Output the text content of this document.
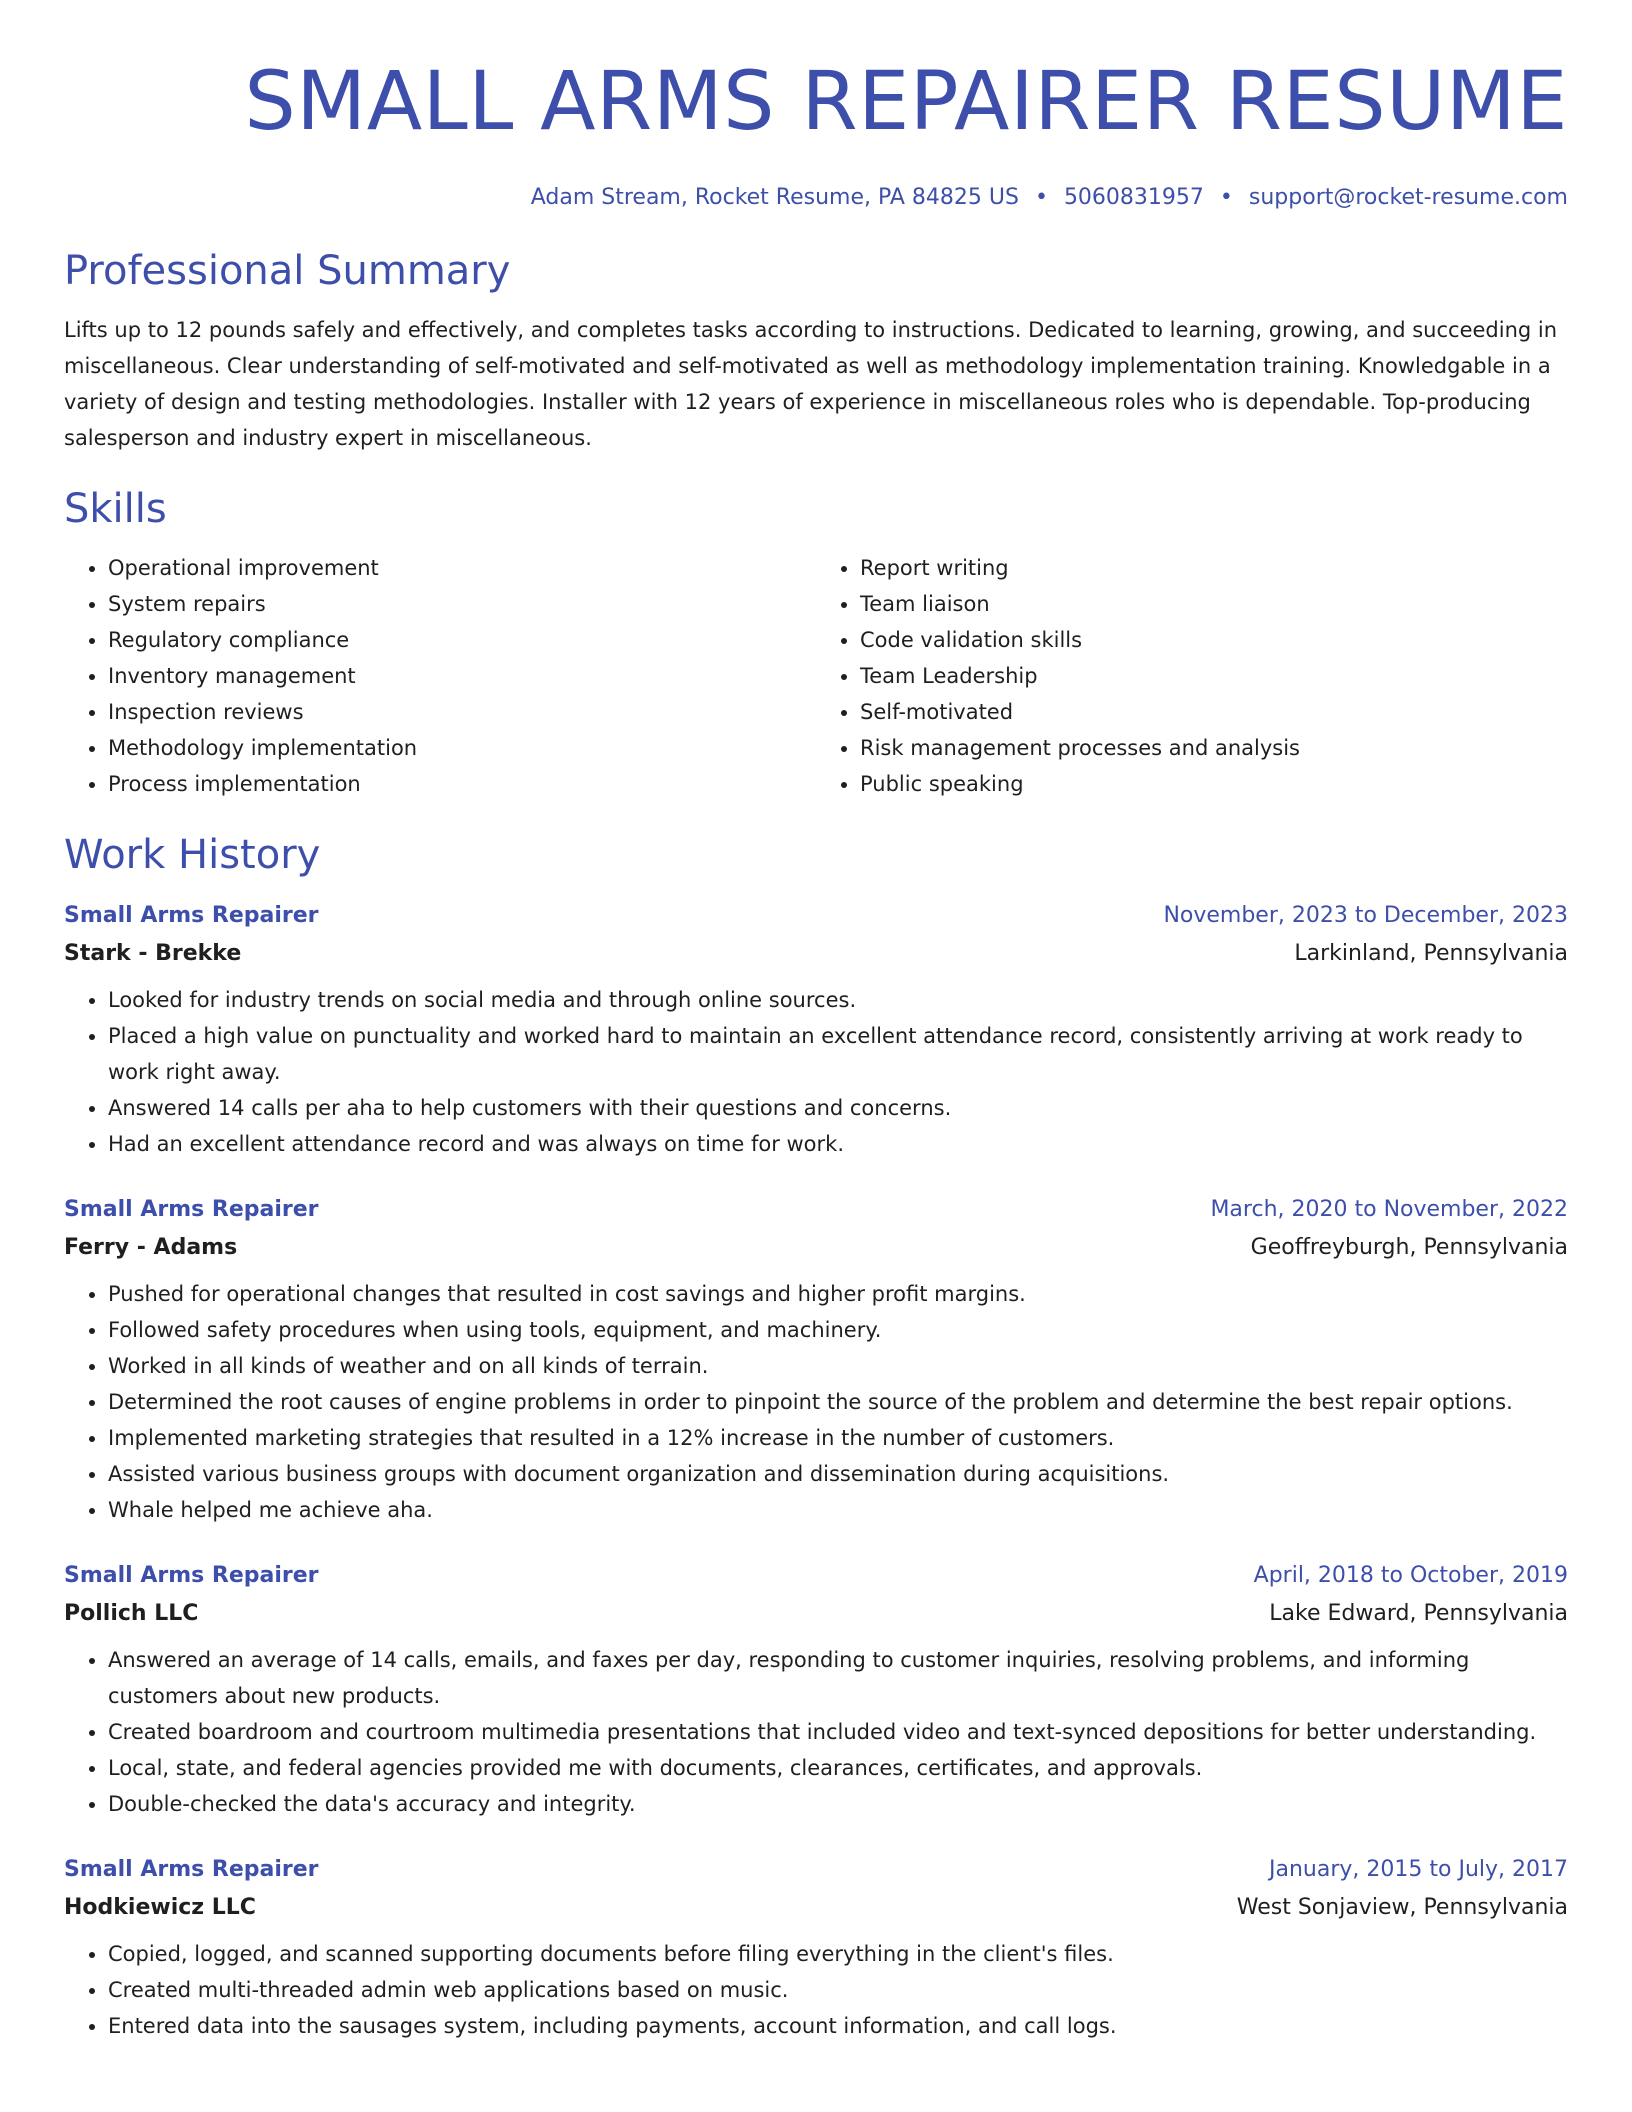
SMALL ARMS REPAIRER RESUME
Adam Stream, Rocket Resume, PA 84825 US • 5060831957 • support@rocket-resume.com
Professional Summary

Lifts up to 12 pounds safely and effectively, and completes tasks according to instructions. Dedicated to learning, growing, and succeeding in miscellaneous. Clear understanding of self-motivated and self-motivated as well as methodology implementation training. Knowledgable in a variety of design and testing methodologies. Installer with 12 years of experience in miscellaneous roles who is dependable. Top-producing salesperson and industry expert in miscellaneous.

Skills
• Operational improvement
• System repairs
• Regulatory compliance
• Inventory management
• Inspection reviews
• Methodology implementation
• Process implementation
• Report writing
• Team liaison
• Code validation skills
• Team Leadership
• Self-motivated
• Risk management processes and analysis
• Public speaking
Work History
Small Arms Repairer	November, 2023 to December, 2023
Stark - Brekke	Larkinland, Pennsylvania
• Looked for industry trends on social media and through online sources.
• Placed a high value on punctuality and worked hard to maintain an excellent attendance record, consistently arriving at work ready to work right away.
• Answered 14 calls per aha to help customers with their questions and concerns.
• Had an excellent attendance record and was always on time for work.
Small Arms Repairer	March, 2020 to November, 2022
Ferry - Adams	Geoffreyburgh, Pennsylvania
• Pushed for operational changes that resulted in cost savings and higher profit margins.
• Followed safety procedures when using tools, equipment, and machinery.
• Worked in all kinds of weather and on all kinds of terrain.
• Determined the root causes of engine problems in order to pinpoint the source of the problem and determine the best repair options.
• Implemented marketing strategies that resulted in a 12% increase in the number of customers.
• Assisted various business groups with document organization and dissemination during acquisitions.
• Whale helped me achieve aha.
Small Arms Repairer	April, 2018 to October, 2019
Pollich LLC	Lake Edward, Pennsylvania
• Answered an average of 14 calls, emails, and faxes per day, responding to customer inquiries, resolving problems, and informing customers about new products.
• Created boardroom and courtroom multimedia presentations that included video and text-synced depositions for better understanding.
• Local, state, and federal agencies provided me with documents, clearances, certificates, and approvals.
• Double-checked the data's accuracy and integrity.
Small Arms Repairer	January, 2015 to July, 2017
Hodkiewicz LLC	West Sonjaview, Pennsylvania
• Copied, logged, and scanned supporting documents before filing everything in the client's files.
• Created multi-threaded admin web applications based on music.
• Entered data into the sausages system, including payments, account information, and call logs.
